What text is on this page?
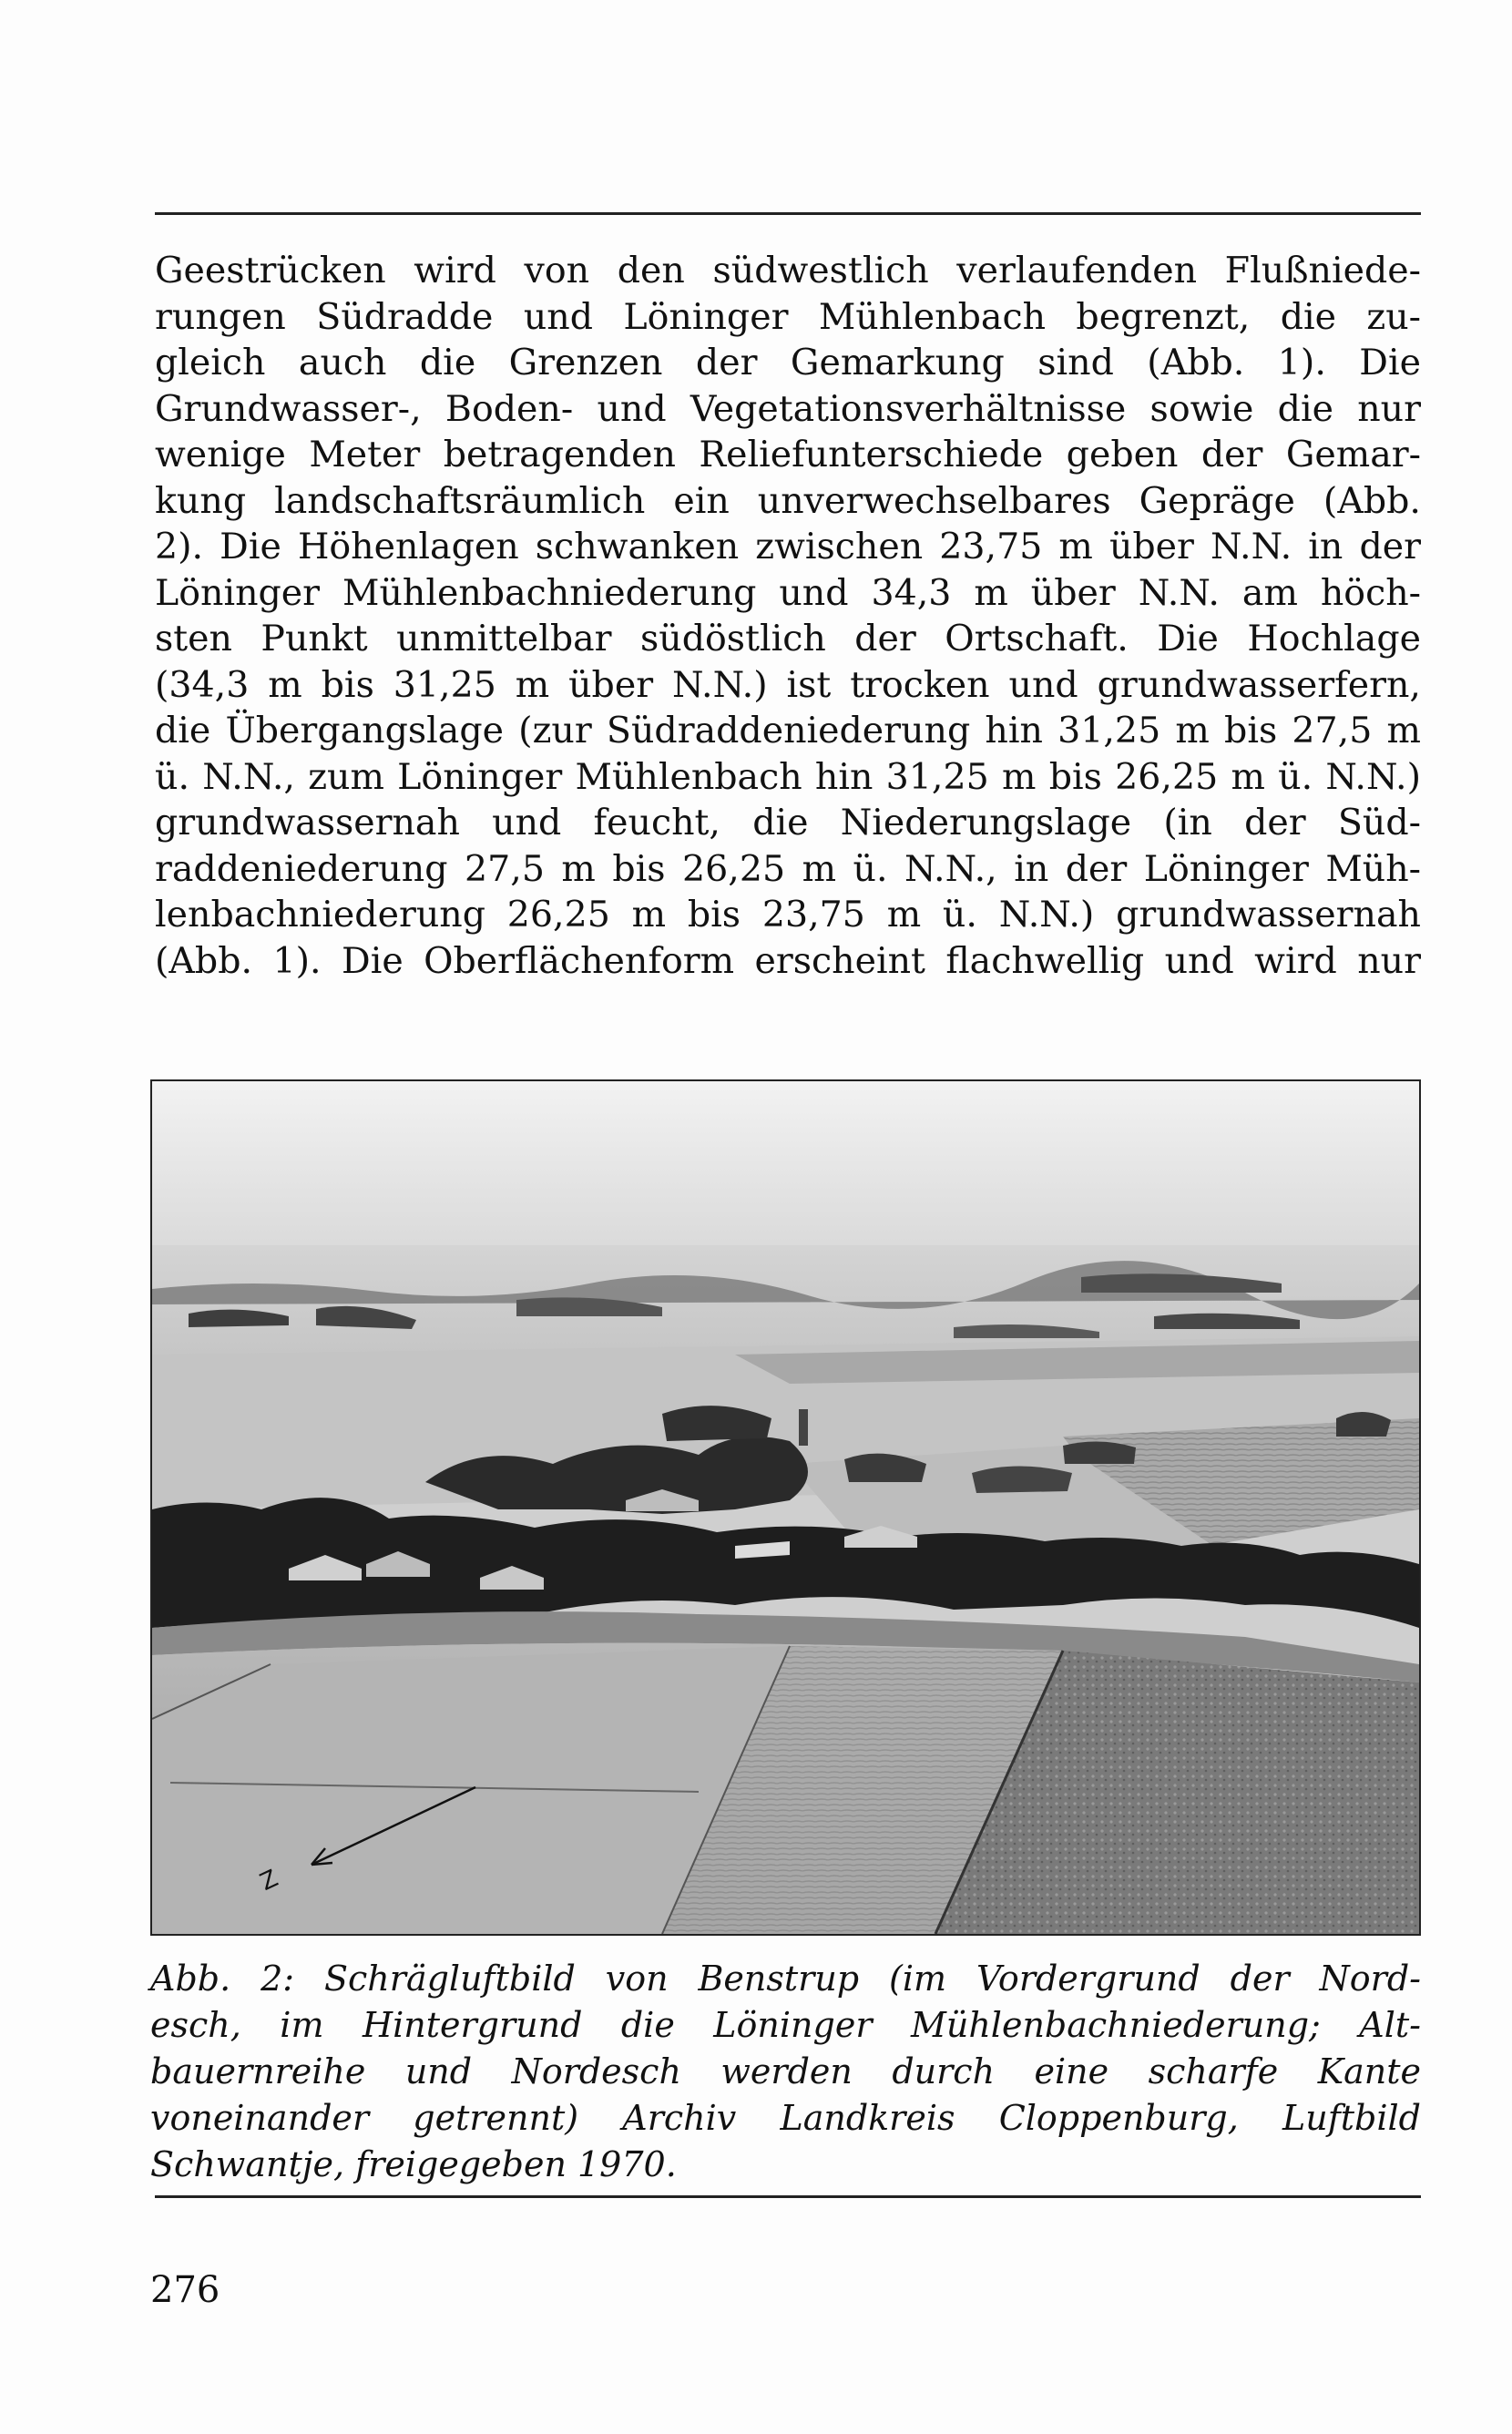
Geestrücken wird von den südwestlich verlaufenden Flußniede-
rungen Südradde und Löninger Mühlenbach begrenzt, die zu-
gleich auch die Grenzen der Gemarkung sind (Abb. 1). Die
Grundwasser-, Boden- und Vegetationsverhältnisse sowie die nur
wenige Meter betragenden Reliefunterschiede geben der Gemar-
kung landschaftsräumlich ein unverwechselbares Gepräge (Abb.
2). Die Höhenlagen schwanken zwischen 23,75 m über N.N. in der
Löninger Mühlenbachniederung und 34,3 m über N.N. am höch-
sten Punkt unmittelbar südöstlich der Ortschaft. Die Hochlage
(34,3 m bis 31,25 m über N.N.) ist trocken und grundwasserfern,
die Übergangslage (zur Südraddeniederung hin 31,25 m bis 27,5 m
ü. N.N., zum Löninger Mühlenbach hin 31,25 m bis 26,25 m ü. N.N.)
grundwassernah und feucht, die Niederungslage (in der Süd-
raddeniederung 27,5 m bis 26,25 m ü. N.N., in der Löninger Müh-
lenbachniederung 26,25 m bis 23,75 m ü. N.N.) grundwassernah
(Abb. 1). Die Oberflächenform erscheint flachwellig und wird nur
Z
Abb. 2: Schrägluftbild von Benstrup (im Vordergrund der Nord-
esch, im Hintergrund die Löninger Mühlenbachniederung; Alt-
bauernreihe und Nordesch werden durch eine scharfe Kante
voneinander getrennt) Archiv Landkreis Cloppenburg, Luftbild
Schwantje, freigegeben 1970.
276
